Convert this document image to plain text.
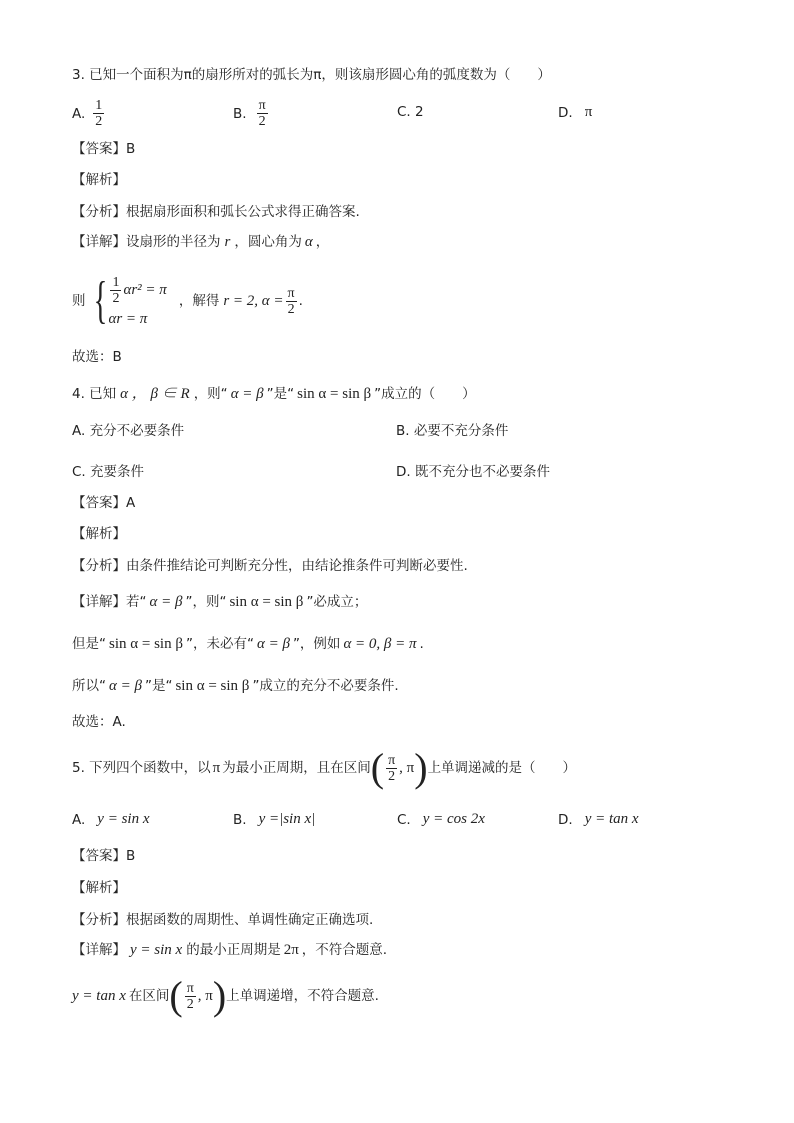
3. 已知一个面积为π的扇形所对的弧长为π，则该扇形圆心角的弧度数为（　　）
A. $\frac{1}{2}$	B. $\frac{\pi}{2}$	C. 2	D. π
【答案】B
【解析】
【分析】根据扇形面积和弧长公式求得正确答案.
【详解】设扇形的半径为 r ，圆心角为 α ，
则 { $\frac{1}{2} \alpha r^2 = \pi$
αr = π
，解得 r = 2, $\alpha = \frac{\pi}{2}$ .
故选：B
4. 已知 α ， β ∈ R ，则“ α = β ”是“ sin α = sin β ”成立的（　　）
A. 充分不必要条件	B. 必要不充分条件
C. 充要条件	D. 既不充分也不必要条件
【答案】A
【解析】
【分析】由条件推结论可判断充分性，由结论推条件可判断必要性.
【详解】若“ α = β ”，则“ sin α = sin β ”必成立；
但是“ sin α = sin β ”，未必有“ α = β ”，例如 α = 0, β = π .
所以“ α = β ”是“ sin α = sin β ”成立的充分不必要条件.
故选：A.
5. 下列四个函数中，以 π 为最小正周期，且在区间 ( $\frac{\pi}{2}$ , π ) 上单调递减的是（　　）
A. y = sin x	B. y =|sin x|	C. y = cos 2x	D. y = tan x
【答案】B
【解析】
【分析】根据函数的周期性、单调性确定正确选项.
【详解】 y = sin x 的最小正周期是 2π ，不符合题意.
y = tan x 在区间 ( $\frac{\pi}{2}$ , π ) 上单调递增，不符合题意.
